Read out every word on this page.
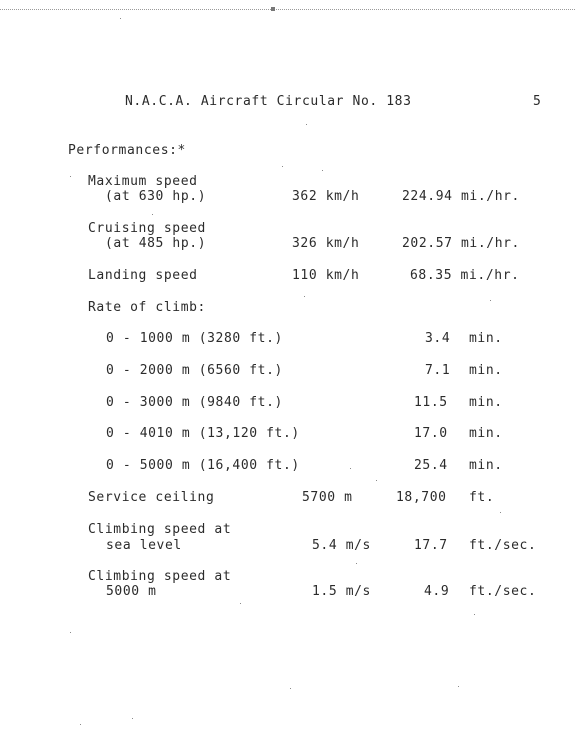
N.A.C.A. Aircraft Circular No. 183	5
Performances:*
Maximum speed
(at 630 hp.)	362 km/h	224.94 mi./hr.
Cruising speed
(at 485 hp.)	326 km/h	202.57 mi./hr.
Landing speed	110 km/h	68.35 mi./hr.
Rate of climb:
0 - 1000 m (3280 ft.)	3.4 min.
0 - 2000 m (6560 ft.)	7.1 min.
0 - 3000 m (9840 ft.)	11.5 min.
0 - 4010 m (13,120 ft.)	17.0 min.
0 - 5000 m (16,400 ft.)	25.4 min.
Service ceiling	5700 m	18,700 ft.
Climbing speed at
sea level	5.4 m/s	17.7 ft./sec.
Climbing speed at
5000 m	1.5 m/s	4.9 ft./sec.
